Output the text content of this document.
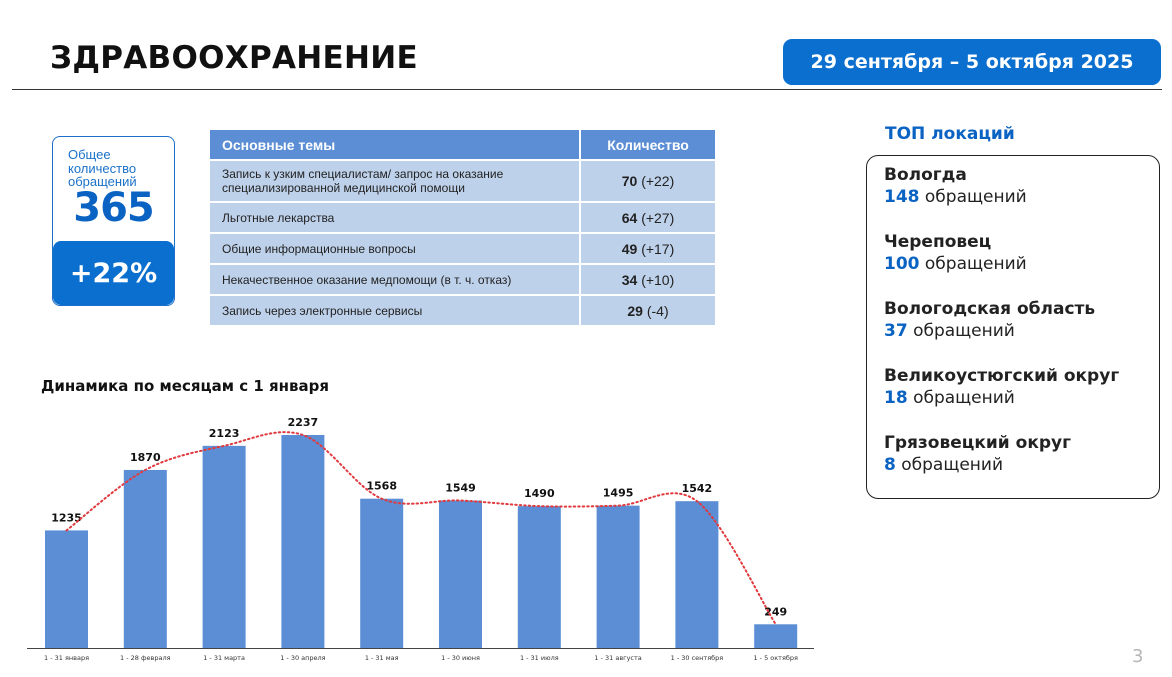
ЗДРАВООХРАНЕНИЕ	29 сентября – 5 октября 2025
Общее количество обращений
365
+22%
Основные темы	Количество
Запись к узким специалистам/ запрос на оказание специализированной медицинской помощи	70 (+22)
Льготные лекарства	64 (+27)
Общие информационные вопросы	49 (+17)
Некачественное оказание медпомощи (в т. ч. отказ)	34 (+10)
Запись через электронные сервисы	29 (-4)
Динамика по месяцам с 1 января
1235
1 - 31 января
1870
1 - 28 февраля
2123
1 - 31 марта
2237
1 - 30 апреля
1568
1 - 31 мая
1549
1 - 30 июня
1490
1 - 31 июля
1495
1 - 31 августа
1542
1 - 30 сентября
249
1 - 5 октября
ТОП локаций
Вологда
148 обращений
Череповец
100 обращений
Вологодская область
37 обращений
Великоустюгский округ
18 обращений
Грязовецкий округ
8 обращений
3
